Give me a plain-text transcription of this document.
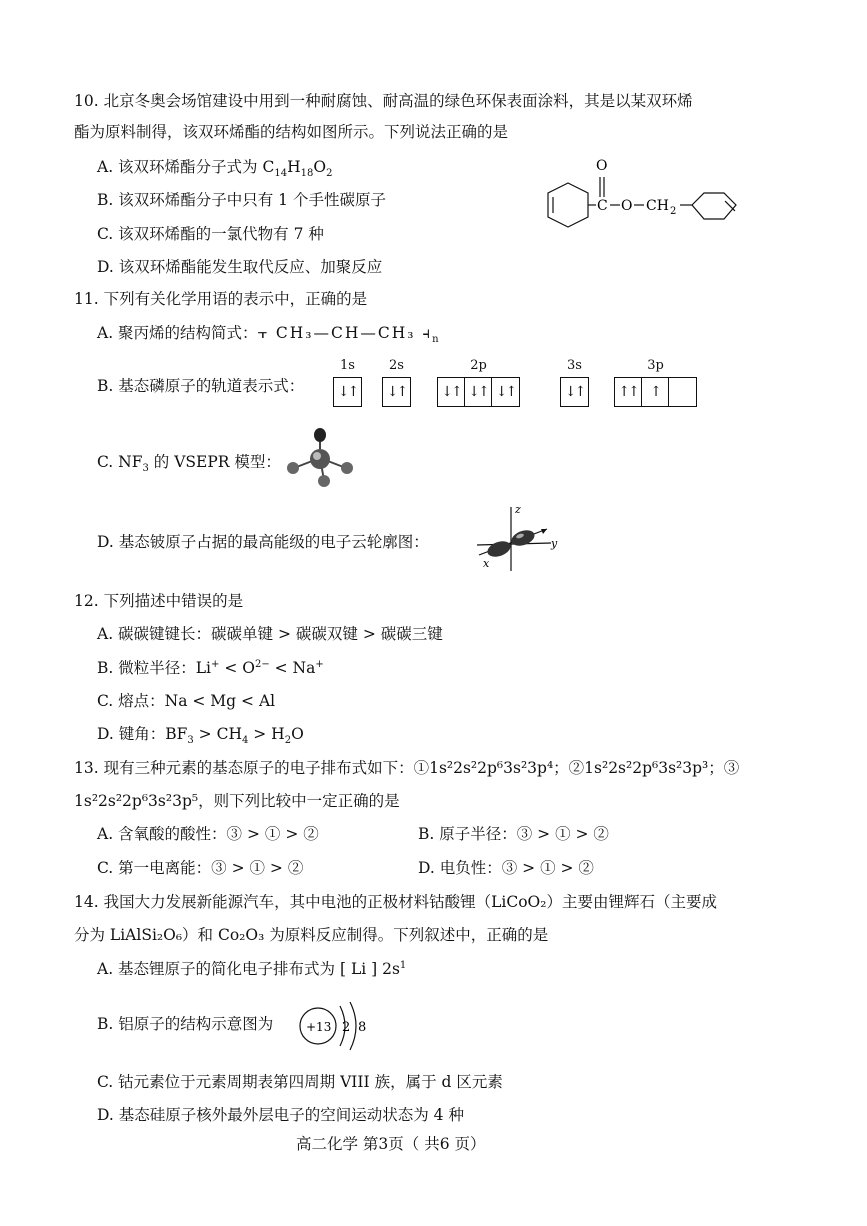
10. 北京冬奥会场馆建设中用到一种耐腐蚀、耐高温的绿色环保表面涂料，其是以某双环烯
酯为原料制得，该双环烯酯的结构如图所示。下列说法正确的是
A. 该双环烯酯分子式为 $C_{14}H_{18}O_2$
B. 该双环烯酯分子中只有 1 个手性碳原子
C. 该双环烯酯的一氯代物有 7 种
D. 该双环烯酯能发生取代反应、加聚反应
O
C O CH 2
11. 下列有关化学用语的表示中，正确的是
A. 聚丙烯的结构简式：⫟ CH₃—CH—CH₃ $⫞_n$
B. 基态磷原子的轨道表示式： ↓↑
1s
↓↑
2s
↓↑ ↓↑ ↓↑
2p
↓↑
3s
↑↑ ↑
3p
C. $NF_3$ 的 VSEPR 模型：
D. 基态铍原子占据的最高能级的电子云轮廓图：
z
y
x
12. 下列描述中错误的是
A. 碳碳键键长：碳碳单键 > 碳碳双键 > 碳碳三键
B. 微粒半径：$Li^+ < O^{2-} < Na^+$
C. 熔点：Na < Mg < Al
D. 键角：$BF_3 > CH_4 > H_2O$
13. 现有三种元素的基态原子的电子排布式如下：①1s²2s²2p⁶3s²3p⁴；②1s²2s²2p⁶3s²3p³；③
1s²2s²2p⁶3s²3p⁵，则下列比较中一定正确的是
A. 含氧酸的酸性：③ > ① > ②	B. 原子半径：③ > ① > ②
C. 第一电离能：③ > ① > ②	D. 电负性：③ > ① > ②
14. 我国大力发展新能源汽车，其中电池的正极材料钴酸锂（LiCoO₂）主要由锂辉石（主要成
分为 LiAlSi₂O₆）和 Co₂O₃ 为原料反应制得。下列叙述中，正确的是
A. 基态锂原子的简化电子排布式为 [ Li ] $2s^1$
B. 铝原子的结构示意图为	+13 2 8
C. 钴元素位于元素周期表第四周期 VIII 族，属于 d 区元素
D. 基态硅原子核外最外层电子的空间运动状态为 4 种
高二化学 第3页（ 共6 页）
